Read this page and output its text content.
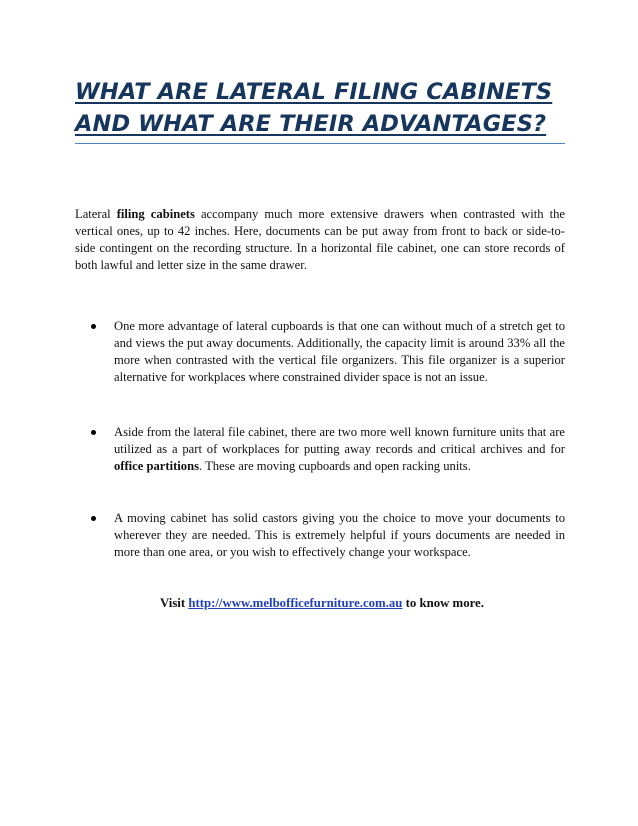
WHAT ARE LATERAL FILING CABINETS AND WHAT ARE THEIR ADVANTAGES?

Lateral filing cabinets accompany much more extensive drawers when contrasted with the vertical ones, up to 42 inches. Here, documents can be put away from front to back or side-to-side contingent on the recording structure. In a horizontal file cabinet, one can store records of both lawful and letter size in the same drawer.

One more advantage of lateral cupboards is that one can without much of a stretch get to and views the put away documents. Additionally, the capacity limit is around 33% all the more when contrasted with the vertical file organizers. This file organizer is a superior alternative for workplaces where constrained divider space is not an issue.

Aside from the lateral file cabinet, there are two more well known furniture units that are utilized as a part of workplaces for putting away records and critical archives and for office partitions. These are moving cupboards and open racking units.

A moving cabinet has solid castors giving you the choice to move your documents to wherever they are needed. This is extremely helpful if yours documents are needed in more than one area, or you wish to effectively change your workspace.

Visit http://www.melbofficefurniture.com.au to know more.
